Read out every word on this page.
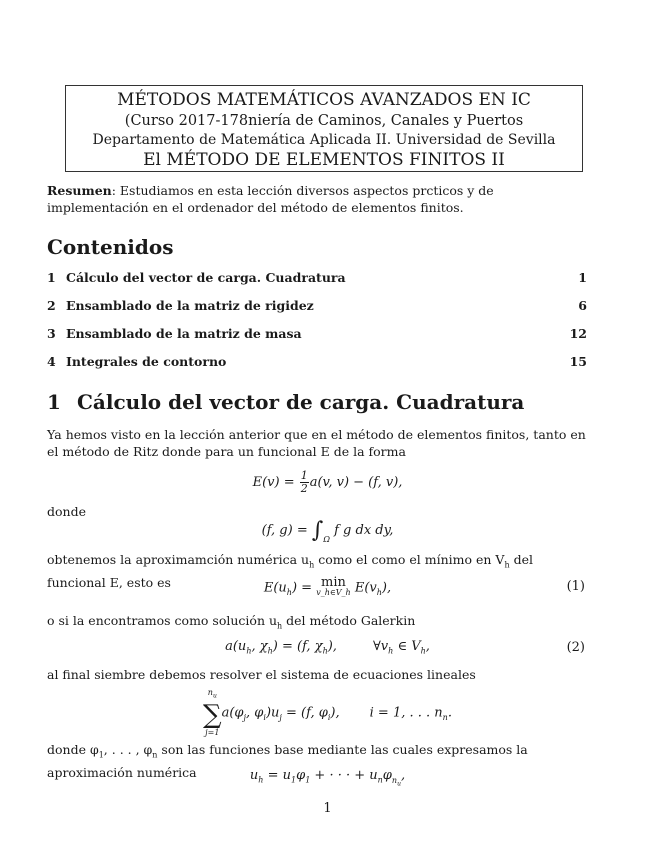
MÉTODOS MATEMÁTICOS AVANZADOS EN IC
(Curso 2017-178niería de Caminos, Canales y Puertos
Departamento de Matemática Aplicada II. Universidad de Sevilla
El MÉTODO DE ELEMENTOS FINITOS II
Resumen: Estudiamos en esta lección diversos aspectos prcticos y de implementación en el ordenador del método de elementos finitos.
Contenidos
1 Cálculo del vector de carga. Cuadratura	1
2 Ensamblado de la matriz de rigidez	6
3 Ensamblado de la matriz de masa	12
4 Integrales de contorno	15
1 Cálculo del vector de carga. Cuadratura
Ya hemos visto en la lección anterior que en el método de elementos finitos, tanto en el método de Ritz donde para un funcional E de la forma
$E(v) = \frac{1}{2} a(v$, v) − (f, v),
donde
(f, $g) = \int_\Omega$ f g dx dy,
obtenemos la aproximamción numérica $u_h$ como el como el mínimo en $V_h$ del funcional E, esto es	$E(u_h) = \min$
v_h∈V_h $E(v_h)$,	(1)
o si la encontramos como solución $u_h$ del método Galerkin
$a(u_h$, $\chi_h) = (f$, $\chi_h$),	$\forall v_h$ ∈ $V_h$,	(2)
al final siembre debemos resolver el sistema de ecuaciones lineales
$n_u$
∑
j=1
$a(\varphi_j$, $\varphi_i)u_j = (f$, $\varphi_i$), i = 1, . . . $n_n$.
donde $\varphi_1$, . . . , $\varphi_n$ son las funciones base mediante las cuales expresamos la aproximación numérica	$u_h = u_1\varphi_1$ + · · · + $u_n\varphi_{n_u}$,
1
